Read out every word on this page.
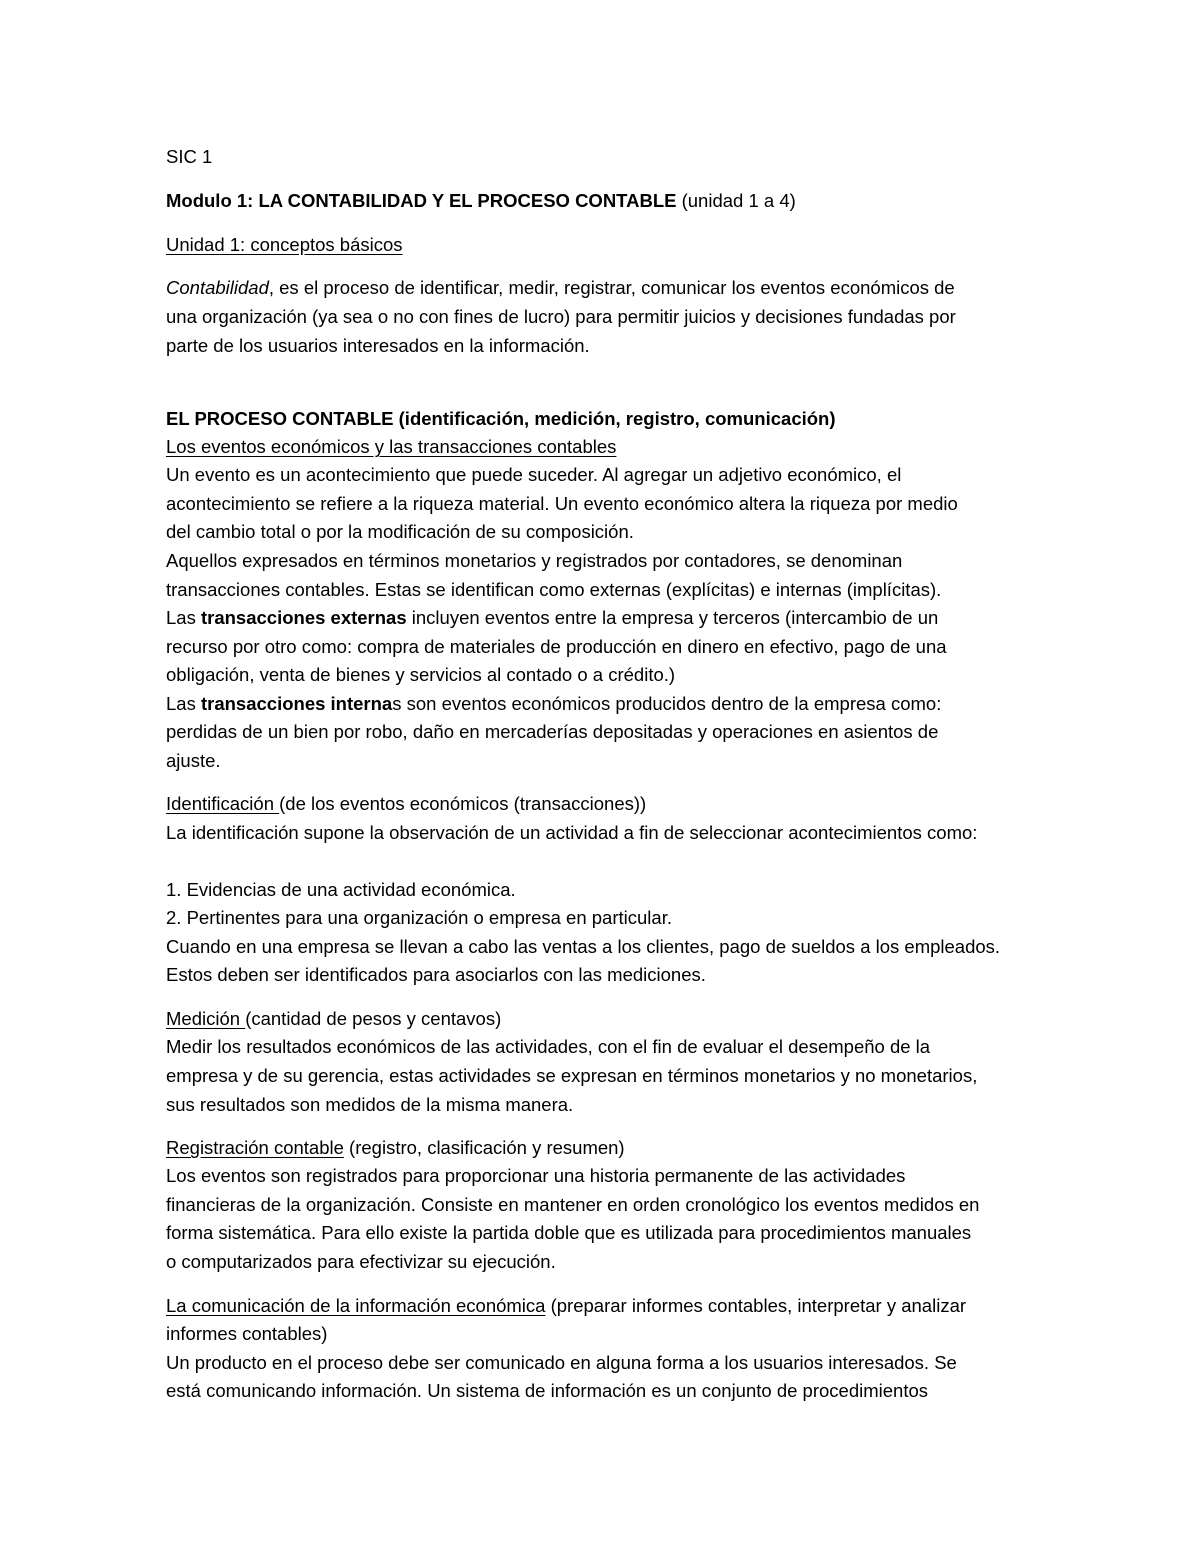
SIC 1

Modulo 1: LA CONTABILIDAD Y EL PROCESO CONTABLE (unidad 1 a 4)

Unidad 1: conceptos básicos

Contabilidad, es el proceso de identificar, medir, registrar, comunicar los eventos económicos de

una organización (ya sea o no con fines de lucro) para permitir juicios y decisiones fundadas por

parte de los usuarios interesados en la información.

EL PROCESO CONTABLE (identificación, medición, registro, comunicación)

Los eventos económicos y las transacciones contables

Un evento es un acontecimiento que puede suceder. Al agregar un adjetivo económico, el

acontecimiento se refiere a la riqueza material. Un evento económico altera la riqueza por medio

del cambio total o por la modificación de su composición.

Aquellos expresados en términos monetarios y registrados por contadores, se denominan

transacciones contables. Estas se identifican como externas (explícitas) e internas (implícitas).

Las transacciones externas incluyen eventos entre la empresa y terceros (intercambio de un

recurso por otro como: compra de materiales de producción en dinero en efectivo, pago de una

obligación, venta de bienes y servicios al contado o a crédito.)

Las transacciones internas son eventos económicos producidos dentro de la empresa como:

perdidas de un bien por robo, daño en mercaderías depositadas y operaciones en asientos de

ajuste.

Identificación (de los eventos económicos (transacciones))

La identificación supone la observación de un actividad a fin de seleccionar acontecimientos como:

1. Evidencias de una actividad económica.

2. Pertinentes para una organización o empresa en particular.

Cuando en una empresa se llevan a cabo las ventas a los clientes, pago de sueldos a los empleados.

Estos deben ser identificados para asociarlos con las mediciones.

Medición (cantidad de pesos y centavos)

Medir los resultados económicos de las actividades, con el fin de evaluar el desempeño de la

empresa y de su gerencia, estas actividades se expresan en términos monetarios y no monetarios,

sus resultados son medidos de la misma manera.

Registración contable (registro, clasificación y resumen)

Los eventos son registrados para proporcionar una historia permanente de las actividades

financieras de la organización. Consiste en mantener en orden cronológico los eventos medidos en

forma sistemática. Para ello existe la partida doble que es utilizada para procedimientos manuales

o computarizados para efectivizar su ejecución.

La comunicación de la información económica (preparar informes contables, interpretar y analizar

informes contables)

Un producto en el proceso debe ser comunicado en alguna forma a los usuarios interesados. Se

está comunicando información. Un sistema de información es un conjunto de procedimientos
